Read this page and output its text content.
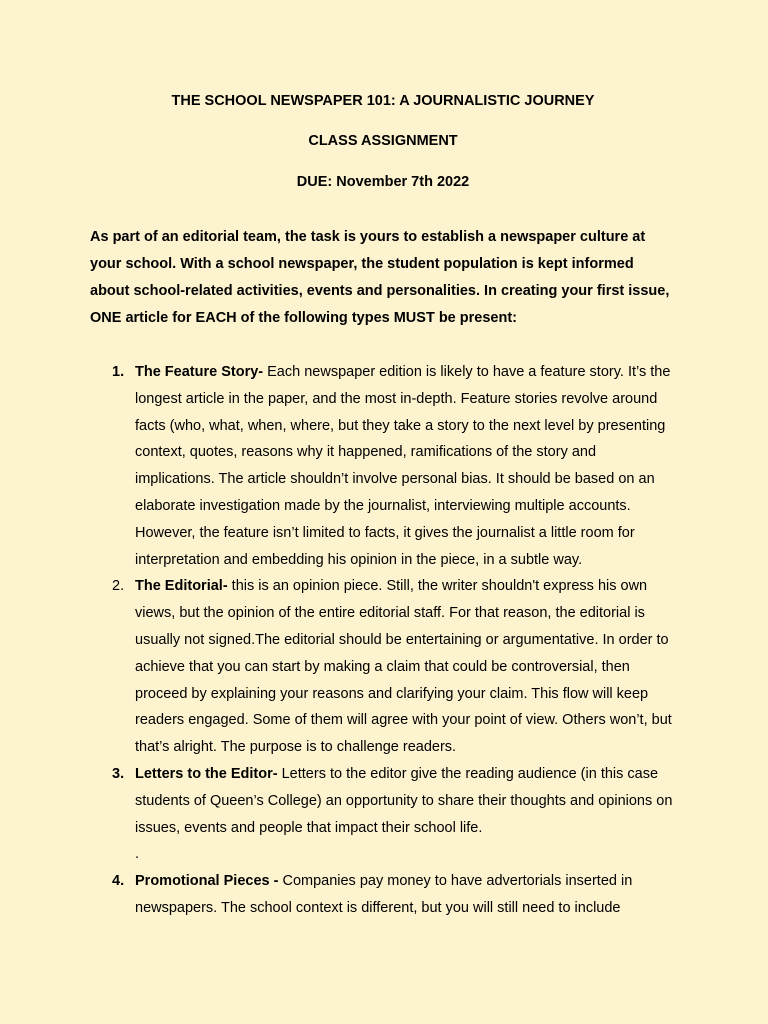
THE SCHOOL NEWSPAPER 101: A JOURNALISTIC JOURNEY

CLASS ASSIGNMENT

DUE: November 7th 2022

As part of an editorial team, the task is yours to establish a newspaper culture at your school. With a school newspaper, the student population is kept informed about school-related activities, events and personalities. In creating your first issue, ONE article for EACH of the following types MUST be present:

1. The Feature Story- Each newspaper edition is likely to have a feature story. It’s the longest article in the paper, and the most in-depth. Feature stories revolve around facts (who, what, when, where, but they take a story to the next level by presenting context, quotes, reasons why it happened, ramifications of the story and implications. The article shouldn’t involve personal bias. It should be based on an elaborate investigation made by the journalist, interviewing multiple accounts. However, the feature isn’t limited to facts, it gives the journalist a little room for interpretation and embedding his opinion in the piece, in a subtle way.
2. The Editorial- this is an opinion piece. Still, the writer shouldn't express his own views, but the opinion of the entire editorial staff. For that reason, the editorial is usually not signed.The editorial should be entertaining or argumentative. In order to achieve that you can start by making a claim that could be controversial, then proceed by explaining your reasons and clarifying your claim. This flow will keep readers engaged. Some of them will agree with your point of view. Others won’t, but that’s alright. The purpose is to challenge readers.
3. Letters to the Editor- Letters to the editor give the reading audience (in this case students of Queen’s College) an opportunity to share their thoughts and opinions on issues, events and people that impact their school life.
.
4. Promotional Pieces - Companies pay money to have advertorials inserted in newspapers. The school context is different, but you will still need to include
